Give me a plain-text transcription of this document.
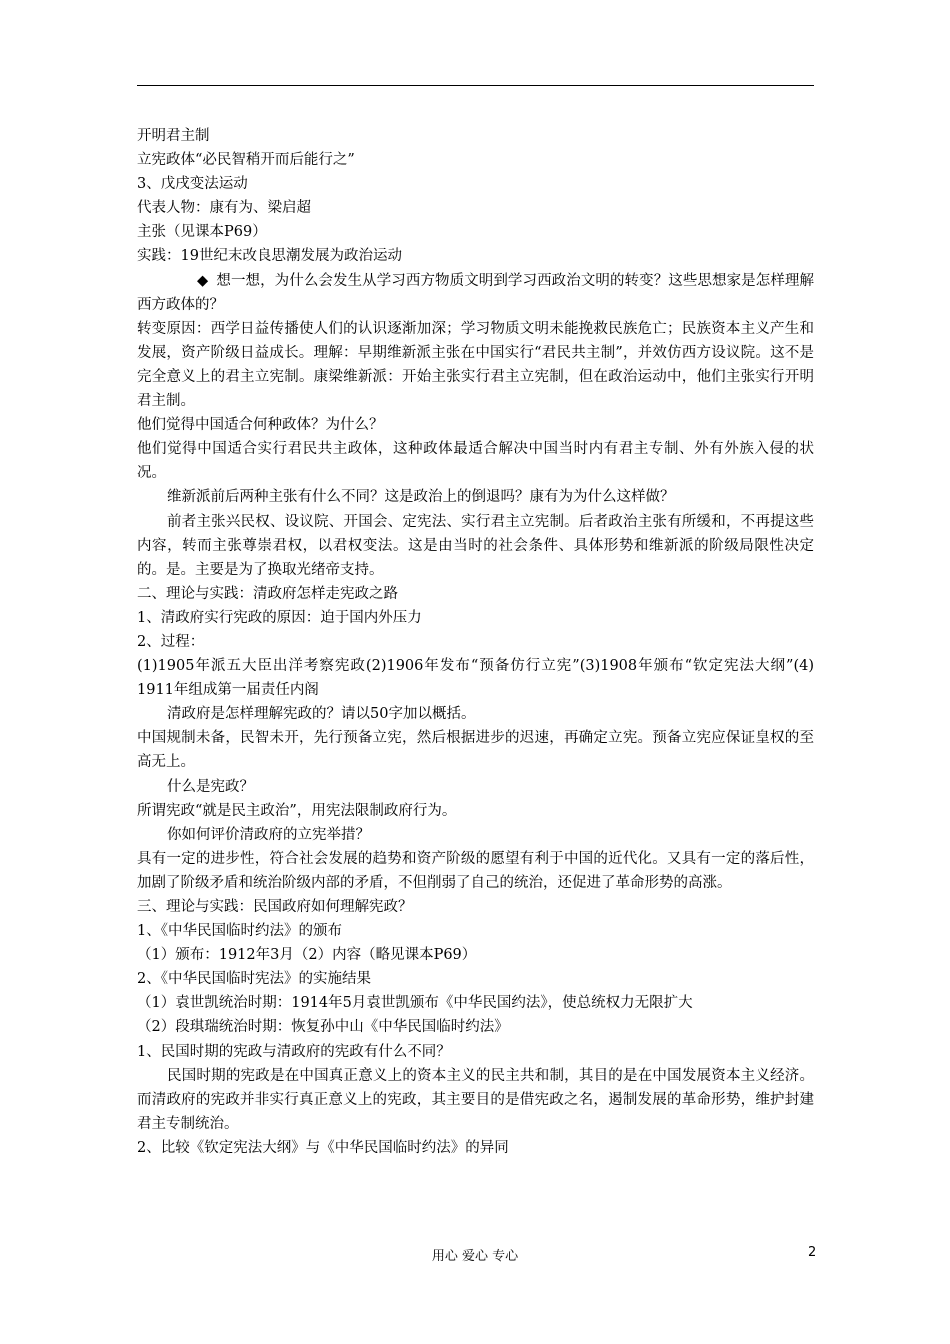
开明君主制

立宪政体“必民智稍开而后能行之”

3、戊戌变法运动

代表人物：康有为、梁启超

主张（见课本P69）

实践：19世纪末改良思潮发展为政治运动

◆ 想一想，为什么会发生从学习西方物质文明到学习西政治文明的转变？这些思想家是怎样理解西方政体的？

转变原因：西学日益传播使人们的认识逐渐加深；学习物质文明未能挽救民族危亡；民族资本主义产生和发展，资产阶级日益成长。理解：早期维新派主张在中国实行“君民共主制”，并效仿西方设议院。这不是完全意义上的君主立宪制。康梁维新派：开始主张实行君主立宪制，但在政治运动中，他们主张实行开明君主制。

他们觉得中国适合何种政体？为什么？

他们觉得中国适合实行君民共主政体，这种政体最适合解决中国当时内有君主专制、外有外族入侵的状况。

维新派前后两种主张有什么不同？这是政治上的倒退吗？康有为为什么这样做？

前者主张兴民权、设议院、开国会、定宪法、实行君主立宪制。后者政治主张有所缓和，不再提这些内容，转而主张尊崇君权，以君权变法。这是由当时的社会条件、具体形势和维新派的阶级局限性决定的。是。主要是为了换取光绪帝支持。

二、理论与实践：清政府怎样走宪政之路

1、清政府实行宪政的原因：迫于国内外压力

2、过程：

(1)1905年派五大臣出洋考察宪政(2)1906年发布“预备仿行立宪”(3)1908年颁布“钦定宪法大纲”(4) 1911年组成第一届责任内阁

清政府是怎样理解宪政的？请以50字加以概括。

中国规制未备，民智未开，先行预备立宪，然后根据进步的迟速，再确定立宪。预备立宪应保证皇权的至高无上。

什么是宪政？

所谓宪政“就是民主政治”，用宪法限制政府行为。

你如何评价清政府的立宪举措？

具有一定的进步性，符合社会发展的趋势和资产阶级的愿望有利于中国的近代化。又具有一定的落后性，加剧了阶级矛盾和统治阶级内部的矛盾，不但削弱了自己的统治，还促进了革命形势的高涨。

三、理论与实践：民国政府如何理解宪政？

1、《中华民国临时约法》的颁布

（1）颁布：1912年3月（2）内容（略见课本P69）

2、《中华民国临时宪法》的实施结果

（1）袁世凯统治时期：1914年5月袁世凯颁布《中华民国约法》，使总统权力无限扩大

（2）段琪瑞统治时期：恢复孙中山《中华民国临时约法》

1、民国时期的宪政与清政府的宪政有什么不同？

民国时期的宪政是在中国真正意义上的资本主义的民主共和制，其目的是在中国发展资本主义经济。而清政府的宪政并非实行真正意义上的宪政，其主要目的是借宪政之名，遏制发展的革命形势，维护封建君主专制统治。

2、比较《钦定宪法大纲》与《中华民国临时约法》的异同

用心 爱心 专心	2
